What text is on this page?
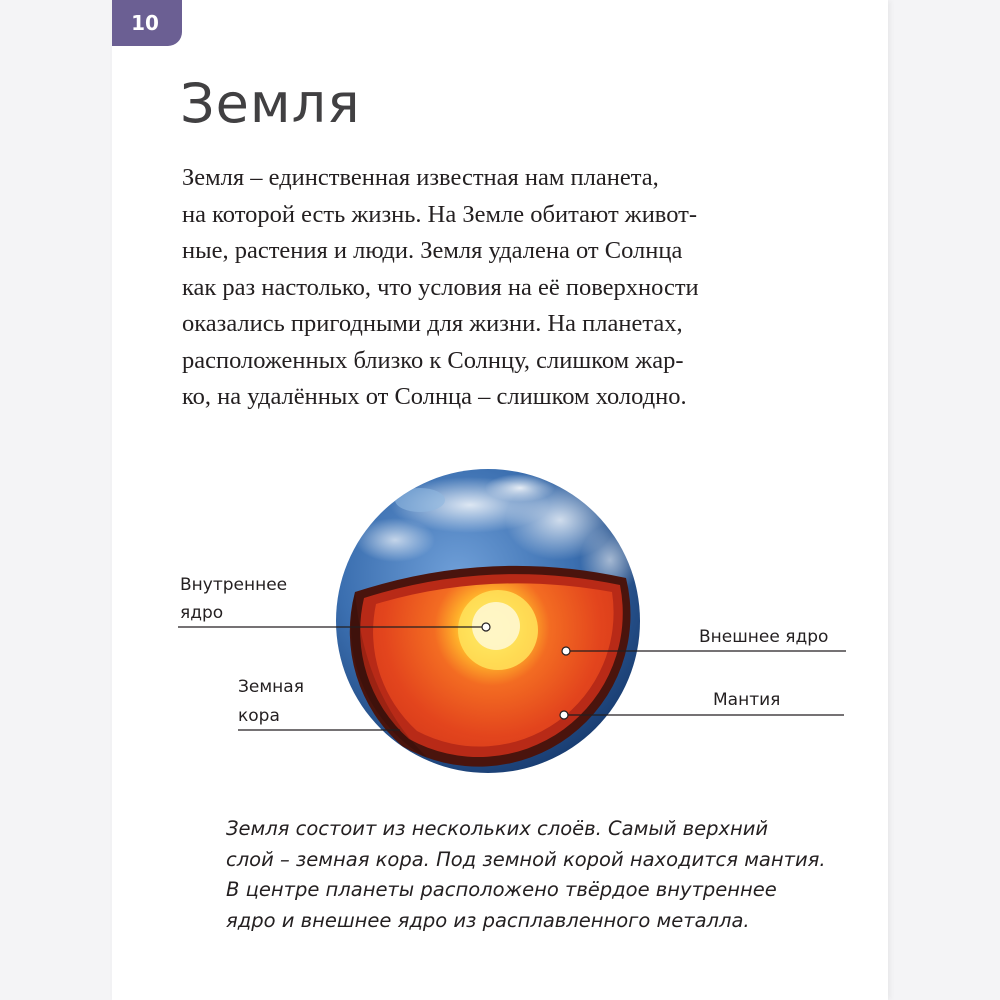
10
Земля
Земля – единственная известная нам планета,
на которой есть жизнь. На Земле обитают живот-
ные, растения и люди. Земля удалена от Солнца
как раз настолько, что условия на её поверхности
оказались пригодными для жизни. На планетах,
расположенных близко к Солнцу, слишком жар-
ко, на удалённых от Солнца – слишком холодно.
Внутреннее
ядро
Внешнее ядро
Земная
кора
Мантия
Земля состоит из нескольких слоёв. Самый верхний
слой – земная кора. Под земной корой находится мантия.
В центре планеты расположено твёрдое внутреннее
ядро и внешнее ядро из расплавленного металла.
